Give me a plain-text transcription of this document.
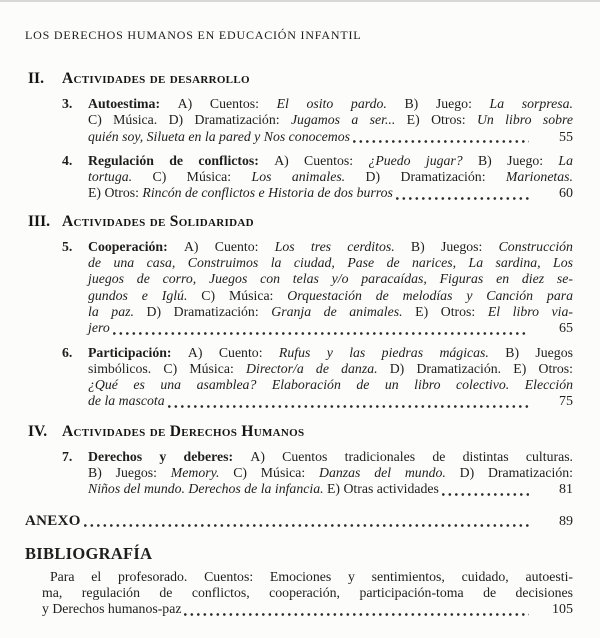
LOS DERECHOS HUMANOS EN EDUCACIÓN INFANTIL
II.	Actividades de desarrollo
3.	Autoestima: A) Cuentos: El osito pardo. B) Juego: La sorpresa.
C) Música. D) Dramatización: Jugamos a ser... E) Otros: Un libro sobre
quién soy, Silueta en la pared y Nos conocemos	55
4.	Regulación de conflictos: A) Cuentos: ¿Puedo jugar? B) Juego: La
tortuga. C) Música: Los animales. D) Dramatización: Marionetas.
E) Otros: Rincón de conflictos e Historia de dos burros	60
III. Actividades de Solidaridad
5.	Cooperación: A) Cuento: Los tres cerditos. B) Juegos: Construcción
de una casa, Construimos la ciudad, Pase de narices, La sardina, Los
juegos de corro, Juegos con telas y/o paracaídas, Figuras en diez se-
gundos e Iglú. C) Música: Orquestación de melodías y Canción para
la paz. D) Dramatización: Granja de animales. E) Otros: El libro via-
jero	65
6.	Participación: A) Cuento: Rufus y las piedras mágicas. B) Juegos
simbólicos. C) Música: Director/a de danza. D) Dramatización. E) Otros:
¿Qué es una asamblea? Elaboración de un libro colectivo. Elección
de la mascota	75
IV. Actividades de Derechos Humanos
7.	Derechos y deberes: A) Cuentos tradicionales de distintas culturas.
B) Juegos: Memory. C) Música: Danzas del mundo. D) Dramatización:
Niños del mundo. Derechos de la infancia. E) Otras actividades	81
ANEXO	89
BIBLIOGRAFÍA
Para el profesorado. Cuentos: Emociones y sentimientos, cuidado, autoesti-
ma, regulación de conflictos, cooperación, participación-toma de decisiones
y Derechos humanos-paz	105
